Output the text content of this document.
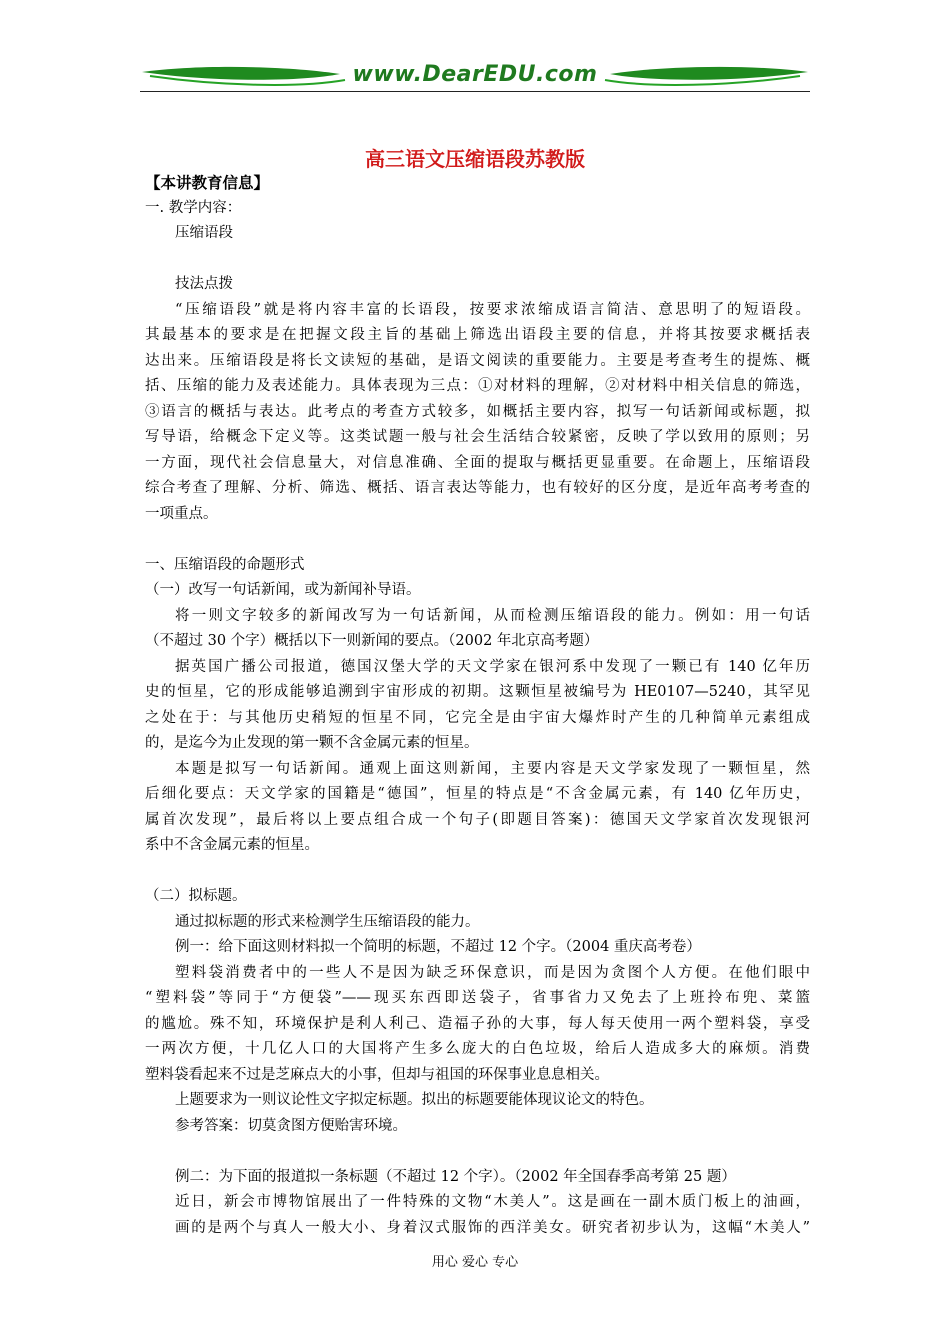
www.DearEDU.com
高三语文压缩语段苏教版
【本讲教育信息】
一. 教学内容：
压缩语段
技法点拨
“压缩语段”就是将内容丰富的长语段，按要求浓缩成语言简洁、意思明了的短语段。
其最基本的要求是在把握文段主旨的基础上筛选出语段主要的信息，并将其按要求概括表
达出来。压缩语段是将长文读短的基础，是语文阅读的重要能力。主要是考查考生的提炼、概
括、压缩的能力及表述能力。具体表现为三点：①对材料的理解，②对材料中相关信息的筛选，
③语言的概括与表达。此考点的考查方式较多，如概括主要内容，拟写一句话新闻或标题，拟
写导语，给概念下定义等。这类试题一般与社会生活结合较紧密，反映了学以致用的原则；另
一方面，现代社会信息量大，对信息准确、全面的提取与概括更显重要。在命题上，压缩语段
综合考查了理解、分析、筛选、概括、语言表达等能力，也有较好的区分度，是近年高考考查的
一项重点。
一、压缩语段的命题形式
（一）改写一句话新闻，或为新闻补导语。
将一则文字较多的新闻改写为一句话新闻，从而检测压缩语段的能力。例如：用一句话
（不超过 30 个字）概括以下一则新闻的要点。（2002 年北京高考题）
据英国广播公司报道，德国汉堡大学的天文学家在银河系中发现了一颗已有 140 亿年历
史的恒星，它的形成能够追溯到宇宙形成的初期。这颗恒星被编号为 HE0107—5240，其罕见
之处在于：与其他历史稍短的恒星不同，它完全是由宇宙大爆炸时产生的几种简单元素组成
的，是迄今为止发现的第一颗不含金属元素的恒星。
本题是拟写一句话新闻。通观上面这则新闻，主要内容是天文学家发现了一颗恒星，然
后细化要点：天文学家的国籍是“德国”，恒星的特点是“不含金属元素，有 140 亿年历史，
属首次发现”，最后将以上要点组合成一个句子(即题目答案)：德国天文学家首次发现银河
系中不含金属元素的恒星。
（二）拟标题。
通过拟标题的形式来检测学生压缩语段的能力。
例一：给下面这则材料拟一个简明的标题，不超过 12 个字。（2004 重庆高考卷）
塑料袋消费者中的一些人不是因为缺乏环保意识，而是因为贪图个人方便。在他们眼中
“塑料袋”等同于“方便袋”——现买东西即送袋子，省事省力又免去了上班拎布兜、菜篮
的尴尬。殊不知，环境保护是利人利己、造福子孙的大事，每人每天使用一两个塑料袋，享受
一两次方便，十几亿人口的大国将产生多么庞大的白色垃圾，给后人造成多大的麻烦。消费
塑料袋看起来不过是芝麻点大的小事，但却与祖国的环保事业息息相关。
上题要求为一则议论性文字拟定标题。拟出的标题要能体现议论文的特色。
参考答案：切莫贪图方便贻害环境。
例二：为下面的报道拟一条标题（不超过 12 个字）。（2002 年全国春季高考第 25 题）
近日，新会市博物馆展出了一件特殊的文物“木美人”。这是画在一副木质门板上的油画，
画的是两个与真人一般大小、身着汉式服饰的西洋美女。研究者初步认为，这幅“木美人”
用心 爱心 专心
